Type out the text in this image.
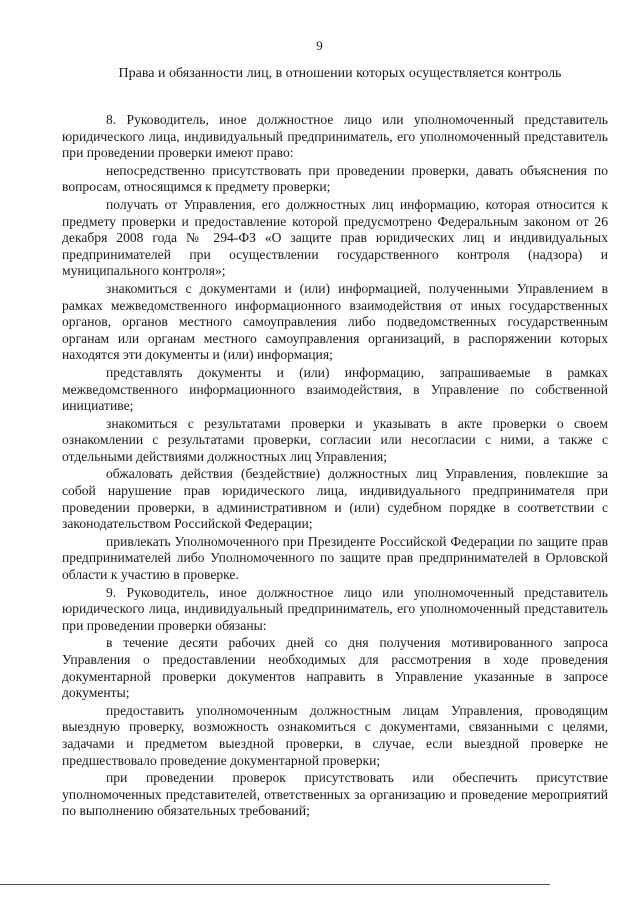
9
Права и обязанности лиц, в отношении которых осуществляется контроль

8. Руководитель, иное должностное лицо или уполномоченный представитель юридического лица, индивидуальный предприниматель, его уполномоченный представитель при проведении проверки имеют право:

непосредственно присутствовать при проведении проверки, давать объяснения по вопросам, относящимся к предмету проверки;

получать от Управления, его должностных лиц информацию, которая относится к предмету проверки и предоставление которой предусмотрено Федеральным законом от 26 декабря 2008 года № 294-ФЗ «О защите прав юридических лиц и индивидуальных предпринимателей при осуществлении государственного контроля (надзора) и муниципального контроля»;

знакомиться с документами и (или) информацией, полученными Управлением в рамках межведомственного информационного взаимодействия от иных государственных органов, органов местного самоуправления либо подведомственных государственным органам или органам местного самоуправления организаций, в распоряжении которых находятся эти документы и (или) информация;

представлять документы и (или) информацию, запрашиваемые в рамках межведомственного информационного взаимодействия, в Управление по собственной инициативе;

знакомиться с результатами проверки и указывать в акте проверки о своем ознакомлении с результатами проверки, согласии или несогласии с ними, а также с отдельными действиями должностных лиц Управления;

обжаловать действия (бездействие) должностных лиц Управления, повлекшие за собой нарушение прав юридического лица, индивидуального предпринимателя при проведении проверки, в административном и (или) судебном порядке в соответствии с законодательством Российской Федерации;

привлекать Уполномоченного при Президенте Российской Федерации по защите прав предпринимателей либо Уполномоченного по защите прав предпринимателей в Орловской области к участию в проверке.

9. Руководитель, иное должностное лицо или уполномоченный представитель юридического лица, индивидуальный предприниматель, его уполномоченный представитель при проведении проверки обязаны:

в течение десяти рабочих дней со дня получения мотивированного запроса Управления о предоставлении необходимых для рассмотрения в ходе проведения документарной проверки документов направить в Управление указанные в запросе документы;

предоставить уполномоченным должностным лицам Управления, проводящим выездную проверку, возможность ознакомиться с документами, связанными с целями, задачами и предметом выездной проверки, в случае, если выездной проверке не предшествовало проведение документарной проверки;

при проведении проверок присутствовать или обеспечить присутствие уполномоченных представителей, ответственных за организацию и проведение мероприятий по выполнению обязательных требований;
